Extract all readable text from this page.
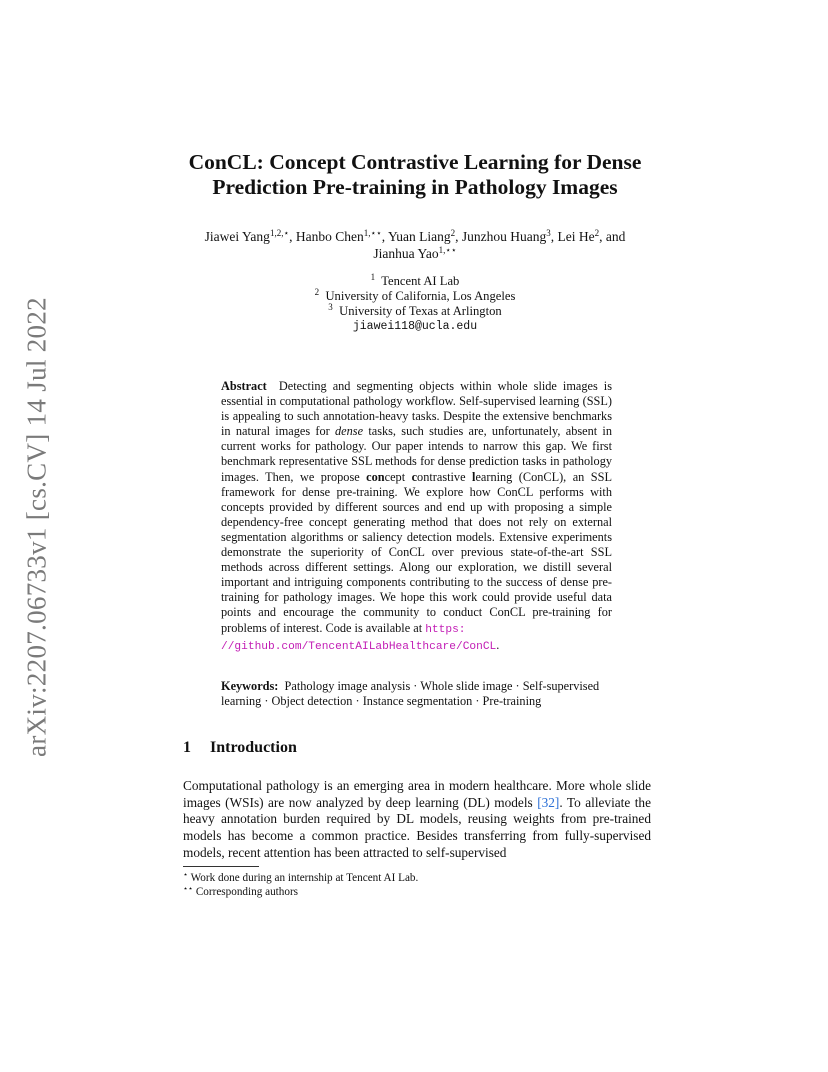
arXiv:2207.06733v1 [cs.CV] 14 Jul 2022
ConCL: Concept Contrastive Learning for Dense
Prediction Pre-training in Pathology Images
Jiawei Yang$^{1,2,⋆}$, Hanbo Chen$^{1,⋆⋆}$, Yuan Liang$^2$, Junzhou Huang$^3$, Lei He$^2$, and
Jianhua Yao$^{1,⋆⋆}$
$^1$ Tencent AI Lab
$^2$ University of California, Los Angeles
$^3$ University of Texas at Arlington
jiawei118@ucla.edu
Abstract Detecting and segmenting objects within whole slide images is essential in computational pathology workflow. Self-supervised learning (SSL) is appealing to such annotation-heavy tasks. Despite the extensive benchmarks in natural images for dense tasks, such studies are, unfortunately, absent in current works for pathology. Our paper intends to narrow this gap. We first benchmark representative SSL methods for dense prediction tasks in pathology images. Then, we propose concept contrastive learning (ConCL), an SSL framework for dense pre-training. We explore how ConCL performs with concepts provided by different sources and end up with proposing a simple dependency-free concept generating method that does not rely on external segmentation algorithms or saliency detection models. Extensive experiments demonstrate the superiority of ConCL over previous state-of-the-art SSL methods across different settings. Along our exploration, we distill several important and intriguing components contributing to the success of dense pre-training for pathology images. We hope this work could provide useful data points and encourage the community to conduct ConCL pre-training for problems of interest. Code is available at https:
//github.com/TencentAILabHealthcare/ConCL.
Keywords: Pathology image analysis · Whole slide image · Self-supervised learning · Object detection · Instance segmentation · Pre-training
1 Introduction
Computational pathology is an emerging area in modern healthcare. More whole slide images (WSIs) are now analyzed by deep learning (DL) models [32]. To alleviate the heavy annotation burden required by DL models, reusing weights from pre-trained models has become a common practice. Besides transferring from fully-supervised models, recent attention has been attracted to self-supervised
⋆ Work done during an internship at Tencent AI Lab.
⋆⋆ Corresponding authors
